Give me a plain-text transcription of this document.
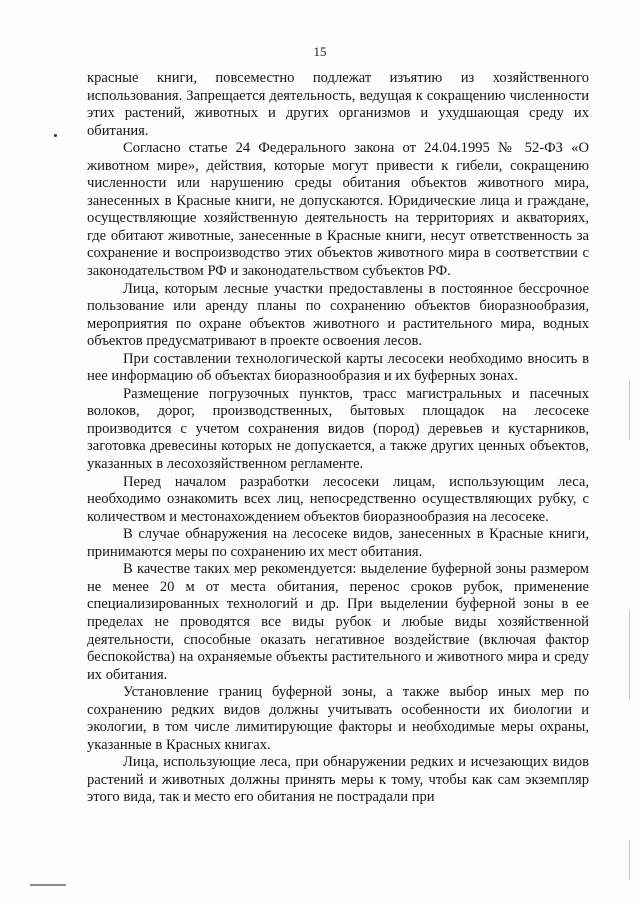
15

красные книги, повсеместно подлежат изъятию из хозяйственного использования. Запрещается деятельность, ведущая к сокращению численности этих растений, животных и других организмов и ухудшающая среду их обитания.

Согласно статье 24 Федерального закона от 24.04.1995 № 52-ФЗ «О животном мире», действия, которые могут привести к гибели, сокращению численности или нарушению среды обитания объектов животного мира, занесенных в Красные книги, не допускаются. Юридические лица и граждане, осуществляющие хозяйственную деятельность на территориях и акваториях, где обитают животные, занесенные в Красные книги, несут ответственность за сохранение и воспроизводство этих объектов животного мира в соответствии с законодательством РФ и законодательством субъектов РФ.

Лица, которым лесные участки предоставлены в постоянное бессрочное пользование или аренду планы по сохранению объектов биоразнообразия, мероприятия по охране объектов животного и растительного мира, водных объектов предусматривают в проекте освоения лесов.

При составлении технологической карты лесосеки необходимо вносить в нее информацию об объектах биоразнообразия и их буферных зонах.

Размещение погрузочных пунктов, трасс магистральных и пасечных волоков, дорог, производственных, бытовых площадок на лесосеке производится с учетом сохранения видов (пород) деревьев и кустарников, заготовка древесины которых не допускается, а также других ценных объектов, указанных в лесохозяйственном регламенте.

Перед началом разработки лесосеки лицам, использующим леса, необходимо ознакомить всех лиц, непосредственно осуществляющих рубку, с количеством и местонахождением объектов биоразнообразия на лесосеке.

В случае обнаружения на лесосеке видов, занесенных в Красные книги, принимаются меры по сохранению их мест обитания.

В качестве таких мер рекомендуется: выделение буферной зоны размером не менее 20 м от места обитания, перенос сроков рубок, применение специализированных технологий и др. При выделении буферной зоны в ее пределах не проводятся все виды рубок и любые виды хозяйственной деятельности, способные оказать негативное воздействие (включая фактор беспокойства) на охраняемые объекты растительного и животного мира и среду их обитания.

Установление границ буферной зоны, а также выбор иных мер по сохранению редких видов должны учитывать особенности их биологии и экологии, в том числе лимитирующие факторы и необходимые меры охраны, указанные в Красных книгах.

Лица, использующие леса, при обнаружении редких и исчезающих видов растений и животных должны принять меры к тому, чтобы как сам экземпляр этого вида, так и место его обитания не пострадали при
